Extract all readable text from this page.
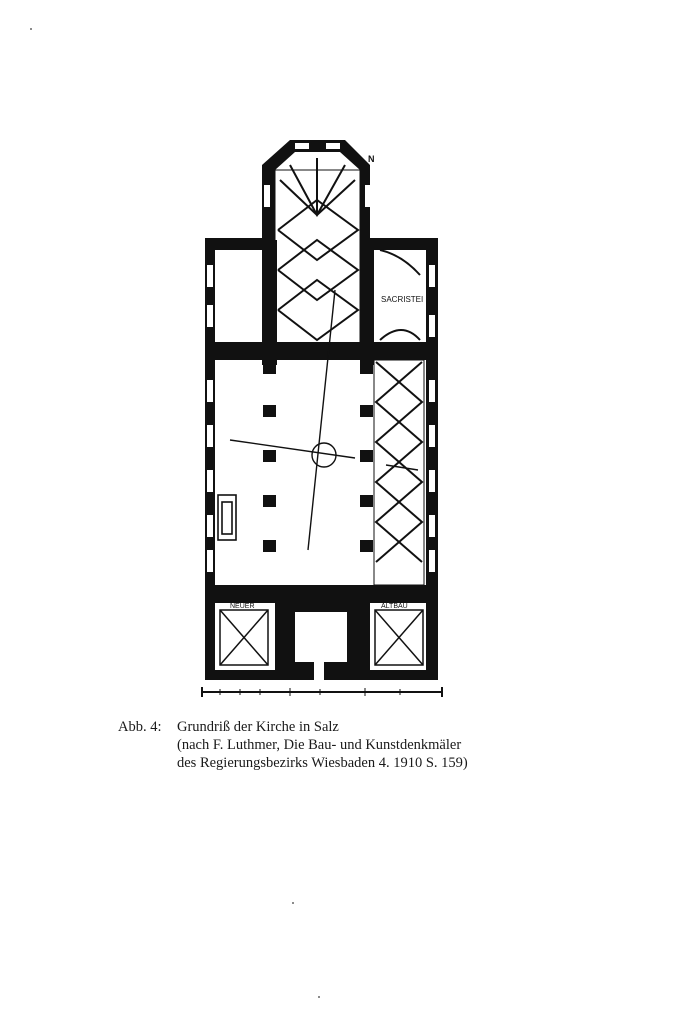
N
SACRISTEI
NEUER	ALTBAU
Abb. 4: Grundriß der Kirche in Salz
(nach F. Luthmer, Die Bau- und Kunstdenkmäler
des Regierungsbezirks Wiesbaden 4. 1910 S. 159)
